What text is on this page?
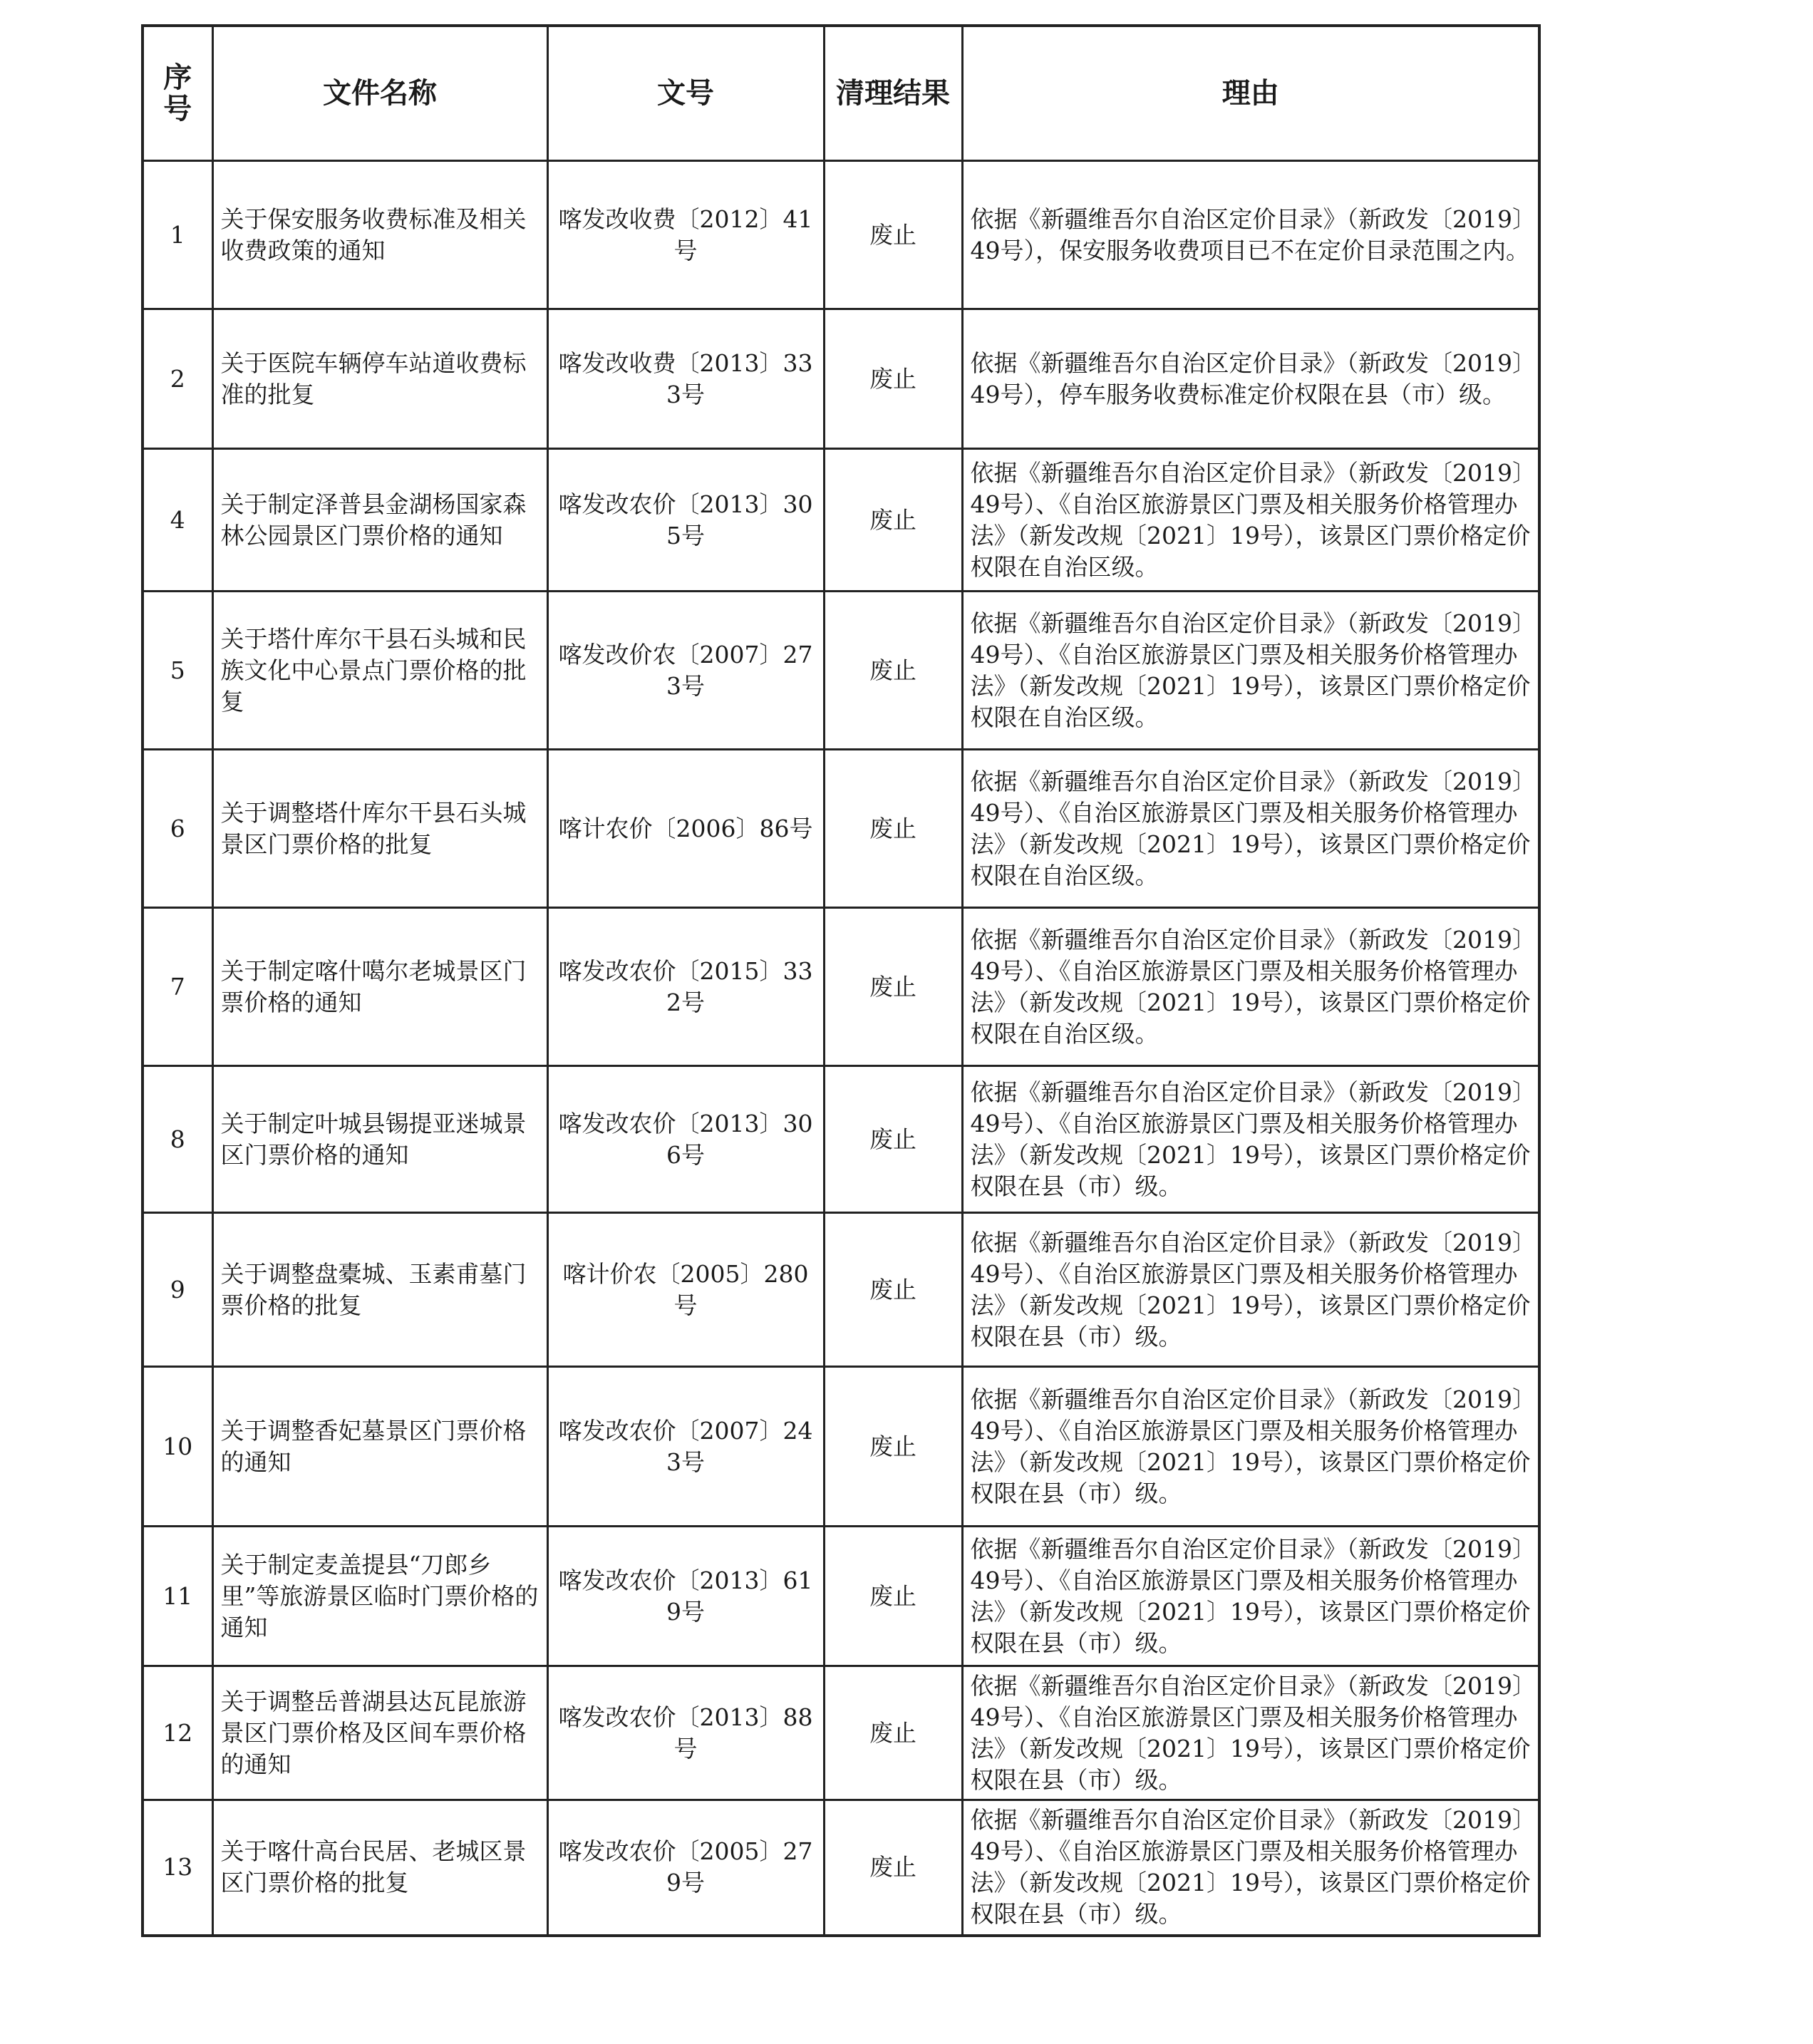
序号	文件名称	文号	清理结果	理由
1	关于保安服务收费标准及相关收费政策的通知	喀发改收费〔2012〕41号	废止	依据《新疆维吾尔自治区定价目录》（新政发〔2019〕49号），保安服务收费项目已不在定价目录范围之内。
2	关于医院车辆停车站道收费标准的批复	喀发改收费〔2013〕333号	废止	依据《新疆维吾尔自治区定价目录》（新政发〔2019〕49号），停车服务收费标准定价权限在县（市）级。
4	关于制定泽普县金湖杨国家森林公园景区门票价格的通知	喀发改农价〔2013〕305号	废止	依据《新疆维吾尔自治区定价目录》（新政发〔2019〕49号）、《自治区旅游景区门票及相关服务价格管理办法》（新发改规〔2021〕19号），该景区门票价格定价权限在自治区级。
5	关于塔什库尔干县石头城和民族文化中心景点门票价格的批复	喀发改价农〔2007〕273号	废止	依据《新疆维吾尔自治区定价目录》（新政发〔2019〕49号）、《自治区旅游景区门票及相关服务价格管理办法》（新发改规〔2021〕19号），该景区门票价格定价权限在自治区级。
6	关于调整塔什库尔干县石头城景区门票价格的批复	喀计农价〔2006〕86号	废止	依据《新疆维吾尔自治区定价目录》（新政发〔2019〕49号）、《自治区旅游景区门票及相关服务价格管理办法》（新发改规〔2021〕19号），该景区门票价格定价权限在自治区级。
7	关于制定喀什噶尔老城景区门票价格的通知	喀发改农价〔2015〕332号	废止	依据《新疆维吾尔自治区定价目录》（新政发〔2019〕49号）、《自治区旅游景区门票及相关服务价格管理办法》（新发改规〔2021〕19号），该景区门票价格定价权限在自治区级。
8	关于制定叶城县锡提亚迷城景区门票价格的通知	喀发改农价〔2013〕306号	废止	依据《新疆维吾尔自治区定价目录》（新政发〔2019〕49号）、《自治区旅游景区门票及相关服务价格管理办法》（新发改规〔2021〕19号），该景区门票价格定价权限在县（市）级。
9	关于调整盘橐城、玉素甫墓门票价格的批复	喀计价农〔2005〕280号	废止	依据《新疆维吾尔自治区定价目录》（新政发〔2019〕49号）、《自治区旅游景区门票及相关服务价格管理办法》（新发改规〔2021〕19号），该景区门票价格定价权限在县（市）级。
10	关于调整香妃墓景区门票价格的通知	喀发改农价〔2007〕243号	废止	依据《新疆维吾尔自治区定价目录》（新政发〔2019〕49号）、《自治区旅游景区门票及相关服务价格管理办法》（新发改规〔2021〕19号），该景区门票价格定价权限在县（市）级。
11	关于制定麦盖提县“刀郎乡里”等旅游景区临时门票价格的通知	喀发改农价〔2013〕619号	废止	依据《新疆维吾尔自治区定价目录》（新政发〔2019〕49号）、《自治区旅游景区门票及相关服务价格管理办法》（新发改规〔2021〕19号），该景区门票价格定价权限在县（市）级。
12	关于调整岳普湖县达瓦昆旅游景区门票价格及区间车票价格的通知	喀发改农价〔2013〕88号	废止	依据《新疆维吾尔自治区定价目录》（新政发〔2019〕49号）、《自治区旅游景区门票及相关服务价格管理办法》（新发改规〔2021〕19号），该景区门票价格定价权限在县（市）级。
13	关于喀什高台民居、老城区景区门票价格的批复	喀发改农价〔2005〕279号	废止	依据《新疆维吾尔自治区定价目录》（新政发〔2019〕49号）、《自治区旅游景区门票及相关服务价格管理办法》（新发改规〔2021〕19号），该景区门票价格定价权限在县（市）级。
